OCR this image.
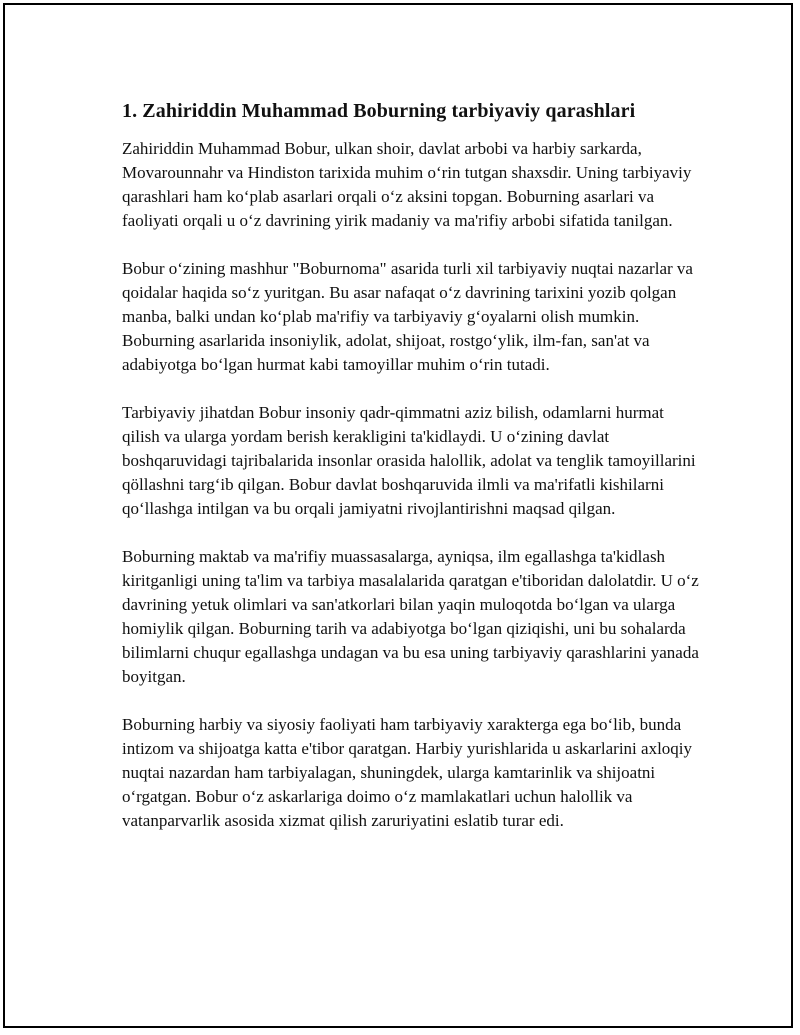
1. Zahiriddin Muhammad Boburning tarbiyaviy qarashlari

Zahiriddin Muhammad Bobur, ulkan shoir, davlat arbobi va harbiy sarkarda, Movarounnahr va Hindiston tarixida muhim o‘rin tutgan shaxsdir. Uning tarbiyaviy qarashlari ham ko‘plab asarlari orqali o‘z aksini topgan. Boburning asarlari va faoliyati orqali u o‘z davrining yirik madaniy va ma'rifiy arbobi sifatida tanilgan.

Bobur o‘zining mashhur "Boburnoma" asarida turli xil tarbiyaviy nuqtai nazarlar va qoidalar haqida so‘z yuritgan. Bu asar nafaqat o‘z davrining tarixini yozib qolgan manba, balki undan ko‘plab ma'rifiy va tarbiyaviy g‘oyalarni olish mumkin. Boburning asarlarida insoniylik, adolat, shijoat, rostgo‘ylik, ilm-fan, san'at va adabiyotga bo‘lgan hurmat kabi tamoyillar muhim o‘rin tutadi.

Tarbiyaviy jihatdan Bobur insoniy qadr-qimmatni aziz bilish, odamlarni hurmat qilish va ularga yordam berish kerakligini ta'kidlaydi. U o‘zining davlat boshqaruvidagi tajribalarida insonlar orasida halollik, adolat va tenglik tamoyillarini qöllashni targ‘ib qilgan. Bobur davlat boshqaruvida ilmli va ma'rifatli kishilarni qo‘llashga intilgan va bu orqali jamiyatni rivojlantirishni maqsad qilgan.

Boburning maktab va ma'rifiy muassasalarga, ayniqsa, ilm egallashga ta'kidlash kiritganligi uning ta'lim va tarbiya masalalarida qaratgan e'tiboridan dalolatdir. U o‘z davrining yetuk olimlari va san'atkorlari bilan yaqin muloqotda bo‘lgan va ularga homiylik qilgan. Boburning tarih va adabiyotga bo‘lgan qiziqishi, uni bu sohalarda bilimlarni chuqur egallashga undagan va bu esa uning tarbiyaviy qarashlarini yanada boyitgan.

Boburning harbiy va siyosiy faoliyati ham tarbiyaviy xarakterga ega bo‘lib, bunda intizom va shijoatga katta e'tibor qaratgan. Harbiy yurishlarida u askarlarini axloqiy nuqtai nazardan ham tarbiyalagan, shuningdek, ularga kamtarinlik va shijoatni o‘rgatgan. Bobur o‘z askarlariga doimo o‘z mamlakatlari uchun halollik va vatanparvarlik asosida xizmat qilish zaruriyatini eslatib turar edi.
